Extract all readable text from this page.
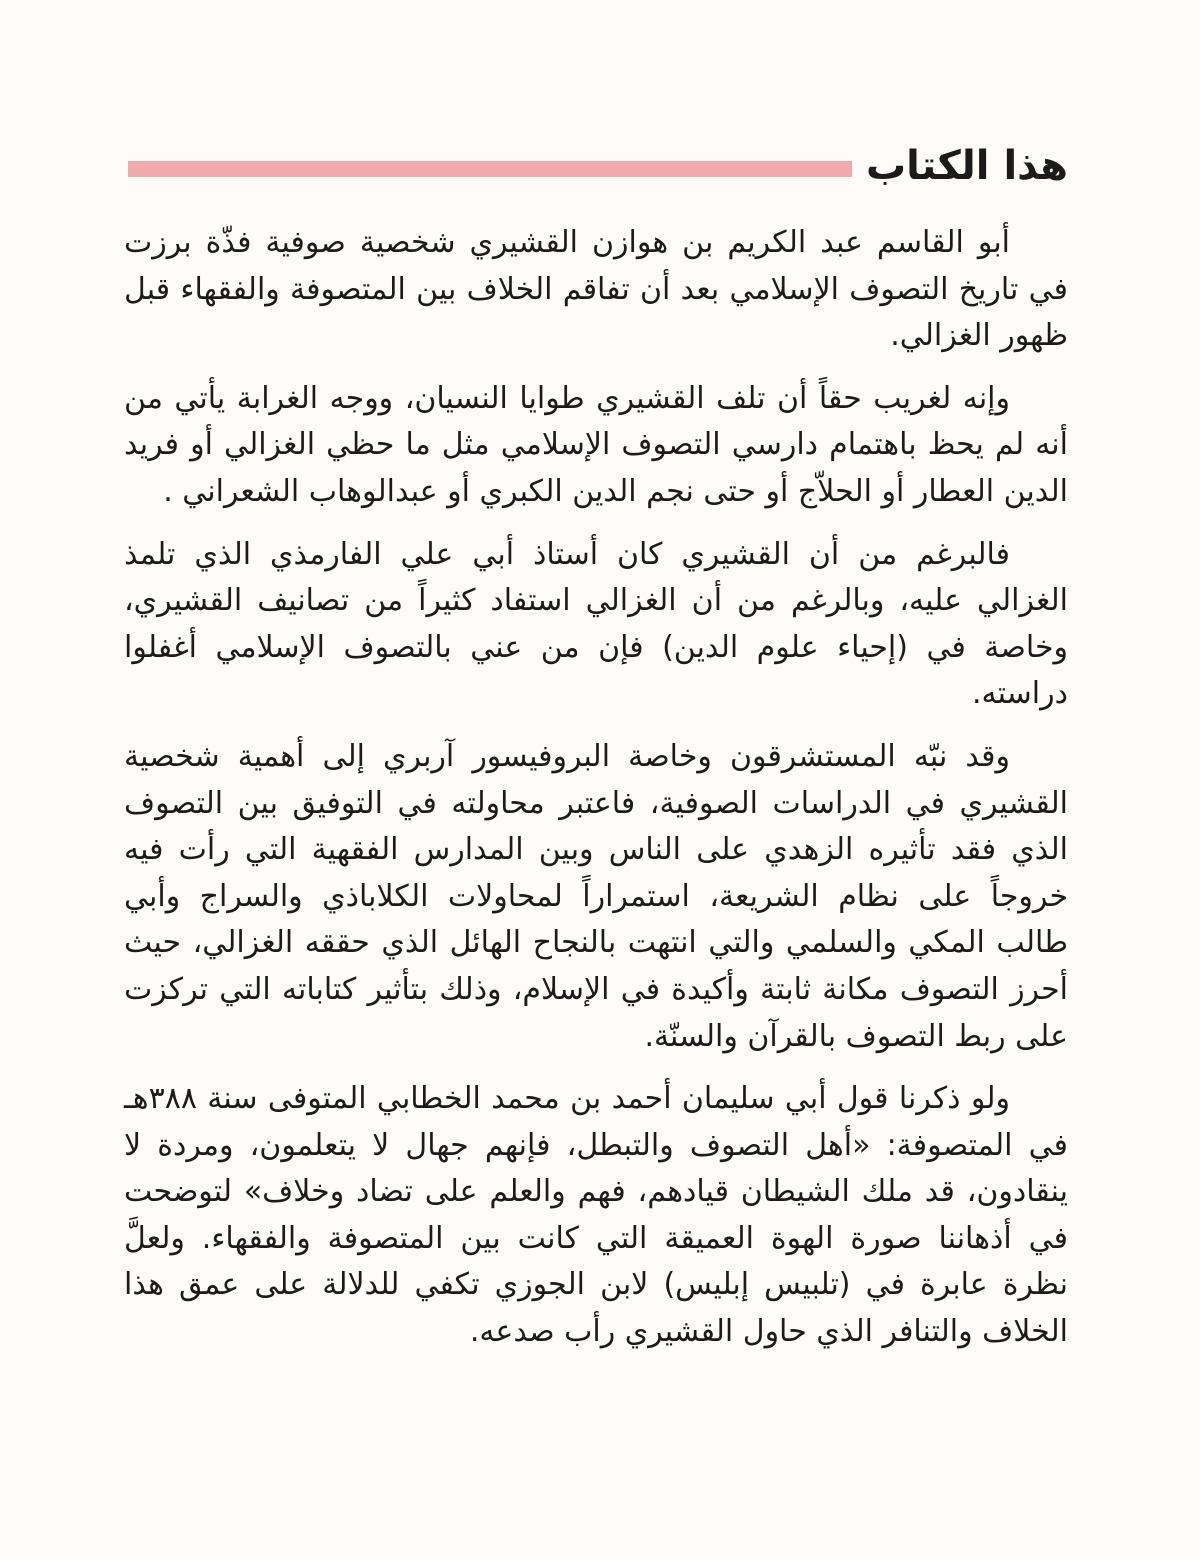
هذا الكتاب

أبو القاسم عبد الكريم بن هوازن القشيري شخصية صوفية فذّة برزت في تاريخ التصوف الإسلامي بعد أن تفاقم الخلاف بين المتصوفة والفقهاء قبل ظهور الغزالي.

وإنه لغريب حقاً أن تلف القشيري طوايا النسيان، ووجه الغرابة يأتي من أنه لم يحظ باهتمام دارسي التصوف الإسلامي مثل ما حظي الغزالي أو فريد الدين العطار أو الحلاّج أو حتى نجم الدين الكبري أو عبدالوهاب الشعراني .

فالبرغم من أن القشيري كان أستاذ أبي علي الفارمذي الذي تلمذ الغزالي عليه، وبالرغم من أن الغزالي استفاد كثيراً من تصانيف القشيري، وخاصة في (إحياء علوم الدين) فإن من عني بالتصوف الإسلامي أغفلوا دراسته.

وقد نبّه المستشرقون وخاصة البروفيسور آربري إلى أهمية شخصية القشيري في الدراسات الصوفية، فاعتبر محاولته في التوفيق بين التصوف الذي فقد تأثيره الزهدي على الناس وبين المدارس الفقهية التي رأت فيه خروجاً على نظام الشريعة، استمراراً لمحاولات الكلاباذي والسراج وأبي طالب المكي والسلمي والتي انتهت بالنجاح الهائل الذي حققه الغزالي، حيث أحرز التصوف مكانة ثابتة وأكيدة في الإسلام، وذلك بتأثير كتاباته التي تركزت على ربط التصوف بالقرآن والسنّة.

ولو ذكرنا قول أبي سليمان أحمد بن محمد الخطابي المتوفى سنة ٣٨٨هـ في المتصوفة: «أهل التصوف والتبطل، فإنهم جهال لا يتعلمون، ومردة لا ينقادون، قد ملك الشيطان قيادهم، فهم والعلم على تضاد وخلاف» لتوضحت في أذهاننا صورة الهوة العميقة التي كانت بين المتصوفة والفقهاء. ولعلَّ نظرة عابرة في (تلبيس إبليس) لابن الجوزي تكفي للدلالة على عمق هذا الخلاف والتنافر الذي حاول القشيري رأب صدعه.
